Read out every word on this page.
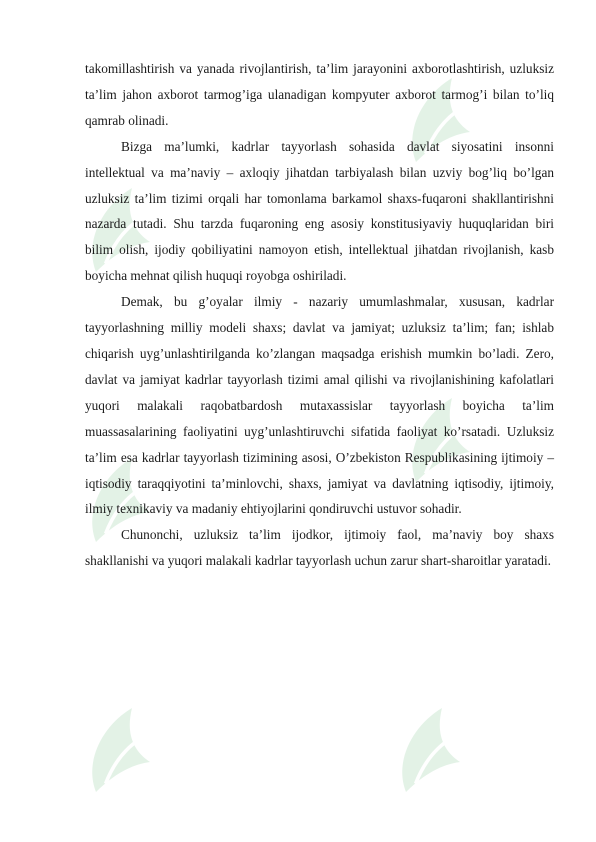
takomillashtirish va yanada rivojlantirish, ta’lim jarayonini axborotlashtirish, uzluksiz ta’lim jahon axborot tarmog’iga ulanadigan kompyuter axborot tarmog’i bilan to’liq qamrab olinadi.

Bizga ma’lumki, kadrlar tayyorlash sohasida davlat siyosatini insonni intellektual va ma’naviy – axloqiy jihatdan tarbiyalash bilan uzviy bog’liq bo’lgan uzluksiz ta’lim tizimi orqali har tomonlama barkamol shaxs-fuqaroni shakllantirishni nazarda tutadi. Shu tarzda fuqaroning eng asosiy konstitusiyaviy huquqlaridan biri bilim olish, ijodiy qobiliyatini namoyon etish, intellektual jihatdan rivojlanish, kasb boyicha mehnat qilish huquqi royobga oshiriladi.

Demak, bu g’oyalar ilmiy - nazariy umumlashmalar, xususan, kadrlar tayyorlashning milliy modeli shaxs; davlat va jamiyat; uzluksiz ta’lim; fan; ishlab chiqarish uyg’unlashtirilganda ko’zlangan maqsadga erishish mumkin bo’ladi. Zero, davlat va jamiyat kadrlar tayyorlash tizimi amal qilishi va rivojlanishining kafolatlari yuqori malakali raqobatbardosh mutaxassislar tayyorlash boyicha ta’lim muassasalarining faoliyatini uyg’unlashtiruvchi sifatida faoliyat ko’rsatadi. Uzluksiz ta’lim esa kadrlar tayyorlash tizimining asosi, O’zbekiston Respublikasining ijtimoiy – iqtisodiy taraqqiyotini ta’minlovchi, shaxs, jamiyat va davlatning iqtisodiy, ijtimoiy, ilmiy texnikaviy va madaniy ehtiyojlarini qondiruvchi ustuvor sohadir.

Chunonchi, uzluksiz ta’lim ijodkor, ijtimoiy faol, ma’naviy boy shaxs shakllanishi va yuqori malakali kadrlar tayyorlash uchun zarur shart-sharoitlar yaratadi.
